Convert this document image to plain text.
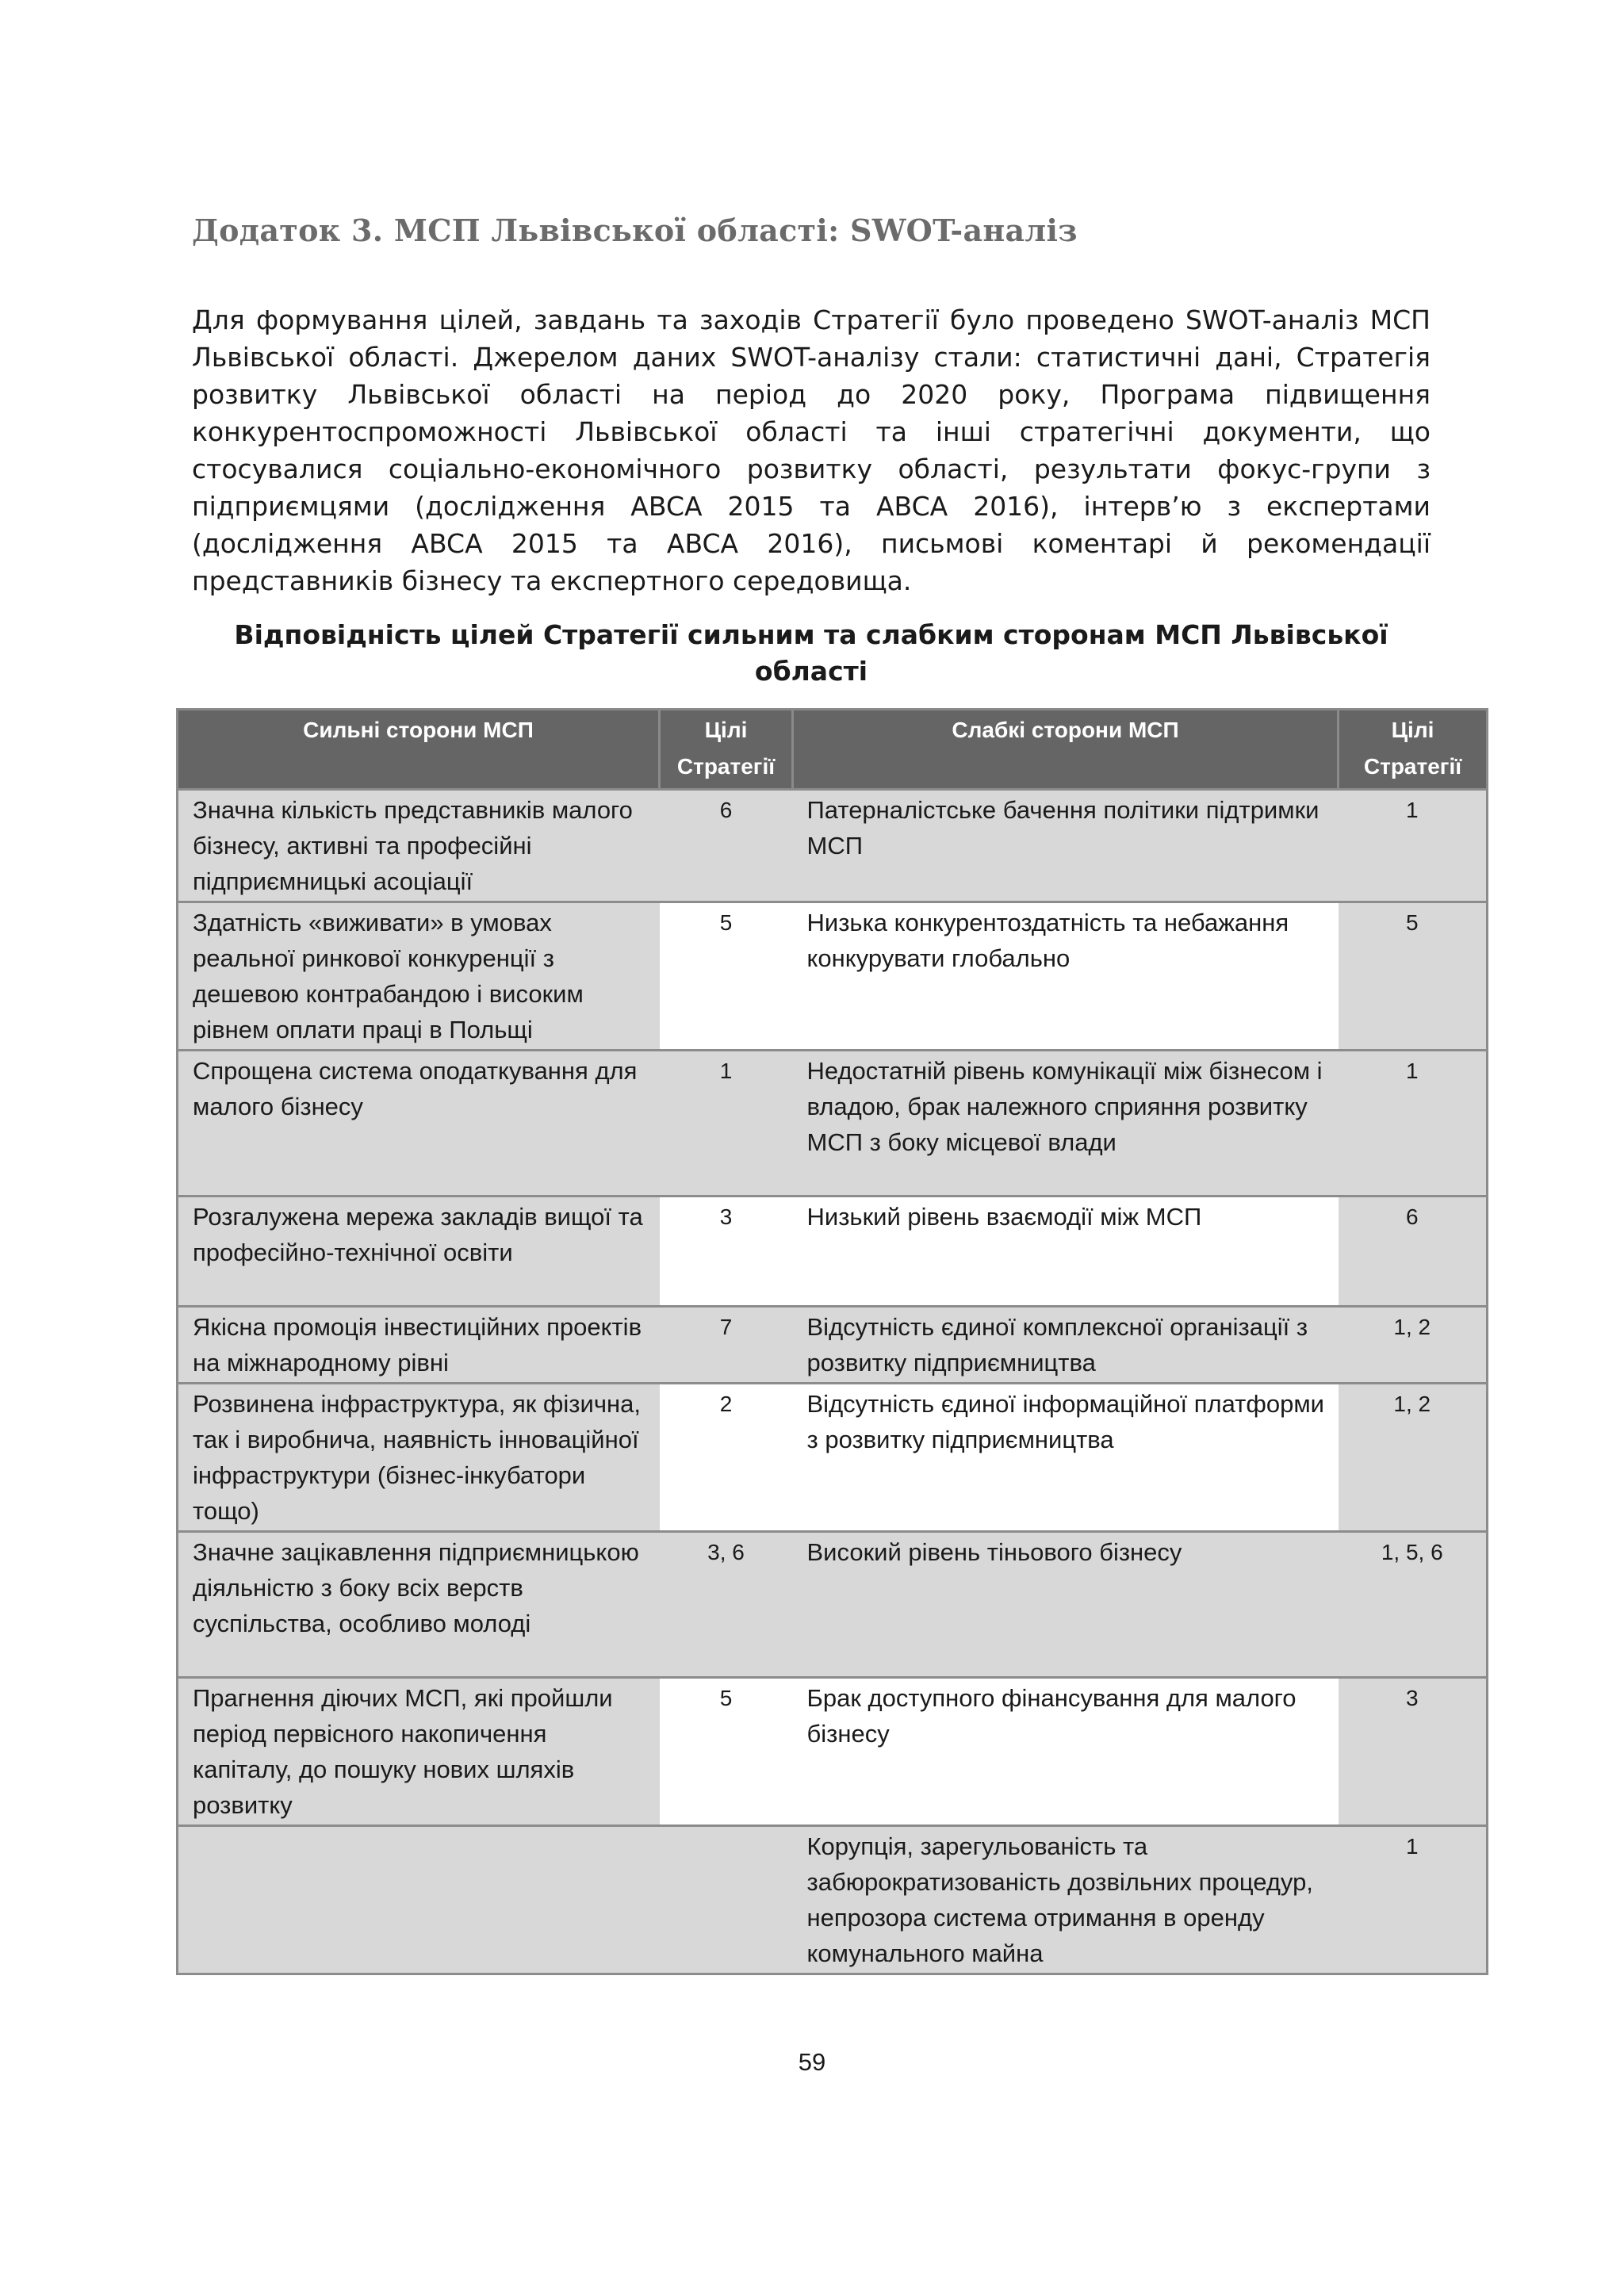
Додаток 3. МСП Львівської області: SWOT-аналіз

Для формування цілей, завдань та заходів Стратегії було проведено SWOT-аналіз МСП Львівської області. Джерелом даних SWOT-аналізу стали: статистичні дані, Стратегія розвитку Львівської області на період до 2020 року, Програма підвищення конкурентоспроможності Львівської області та інші стратегічні документи, що стосувалися соціально-економічного розвитку області, результати фокус-групи з підприємцями (дослідження ABCA 2015 та ABCA 2016), інтерв’ю з експертами (дослідження ABCA 2015 та ABCA 2016), письмові коментарі й рекомендації представників бізнесу та експертного середовища.

Відповідність цілей Стратегії сильним та слабким сторонам МСП Львівської області

Сильні сторони МСП	Цілі Стратегії	Слабкі сторони МСП	Цілі Стратегії
Значна кількість представників малого бізнесу, активні та професійні підприємницькі асоціації	6	Патерналістське бачення політики підтримки МСП	1
Здатність «виживати» в умовах реальної ринкової конкуренції з дешевою контрабандою і високим рівнем оплати праці в Польщі	5	Низька конкурентоздатність та небажання конкурувати глобально	5
Спрощена система оподаткування для малого бізнесу	1	Недостатній рівень комунікації між бізнесом і владою, брак належного сприяння розвитку МСП з боку місцевої влади	1
Розгалужена мережа закладів вищої та професійно-технічної освіти	3	Низький рівень взаємодії між МСП	6
Якісна промоція інвестиційних проектів на міжнародному рівні	7	Відсутність єдиної комплексної організації з розвитку підприємництва	1, 2
Розвинена інфраструктура, як фізична, так і виробнича, наявність інноваційної інфраструктури (бізнес-інкубатори тощо)	2	Відсутність єдиної інформаційної платформи з розвитку підприємництва	1, 2
Значне зацікавлення підприємницькою діяльністю з боку всіх верств суспільства, особливо молоді	3, 6	Високий рівень тіньового бізнесу	1, 5, 6
Прагнення діючих МСП, які пройшли період первісного накопичення капіталу, до пошуку нових шляхів розвитку	5	Брак доступного фінансування для малого бізнесу	3
		Корупція, зарегульованість та забюрократизованість дозвільних процедур, непрозора система отримання в оренду комунального майна	1
59
